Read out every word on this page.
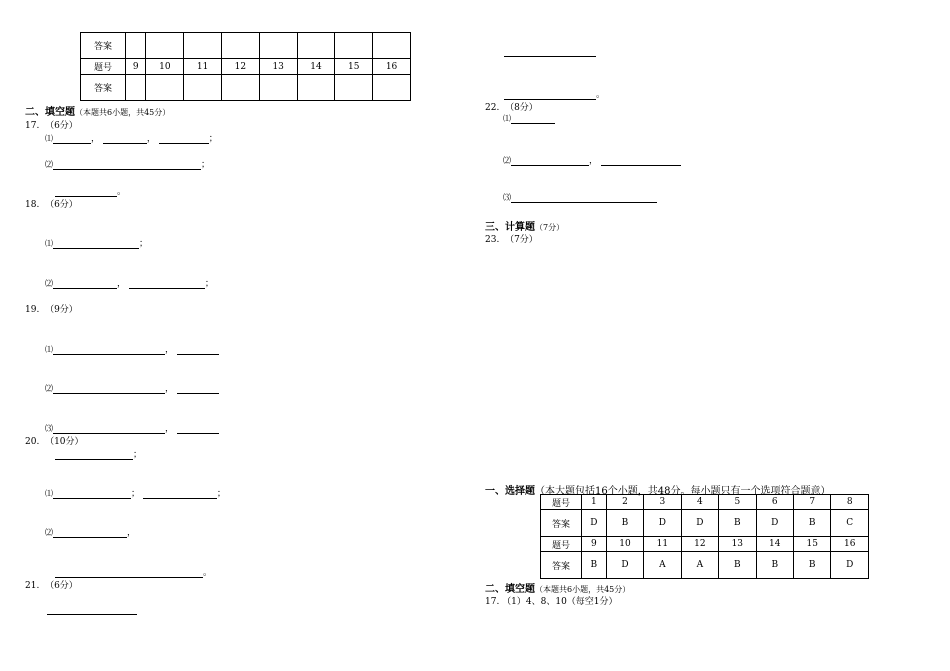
答案								
题号	9	10	11	12	13	14	15	16
答案								
二、填空题（本题共6小题，共45分）
17. （6分）
⑴	，	，	；
⑵	；
。
18. （6分）
⑴	；
⑵	，	；
19. （9分）
⑴	，
⑵	，
⑶	，
20. （10分）
；
⑴	；	；
⑵	，
。
21. （6分）
。
22. （8分）
⑴
⑵	，
⑶
三、计算题（7分）
23. （7分）
一、选择题（本大题包括16个小题，共48分。每小题只有一个选项符合题意）
题号	1	2	3	4	5	6	7	8
答案	D	B	D	D	B	D	B	C
题号	9	10	11	12	13	14	15	16
答案	B	D	A	A	B	B	B	D
二、填空题（本题共6小题，共45分）
17. （1）4、8、10（每空1分）
